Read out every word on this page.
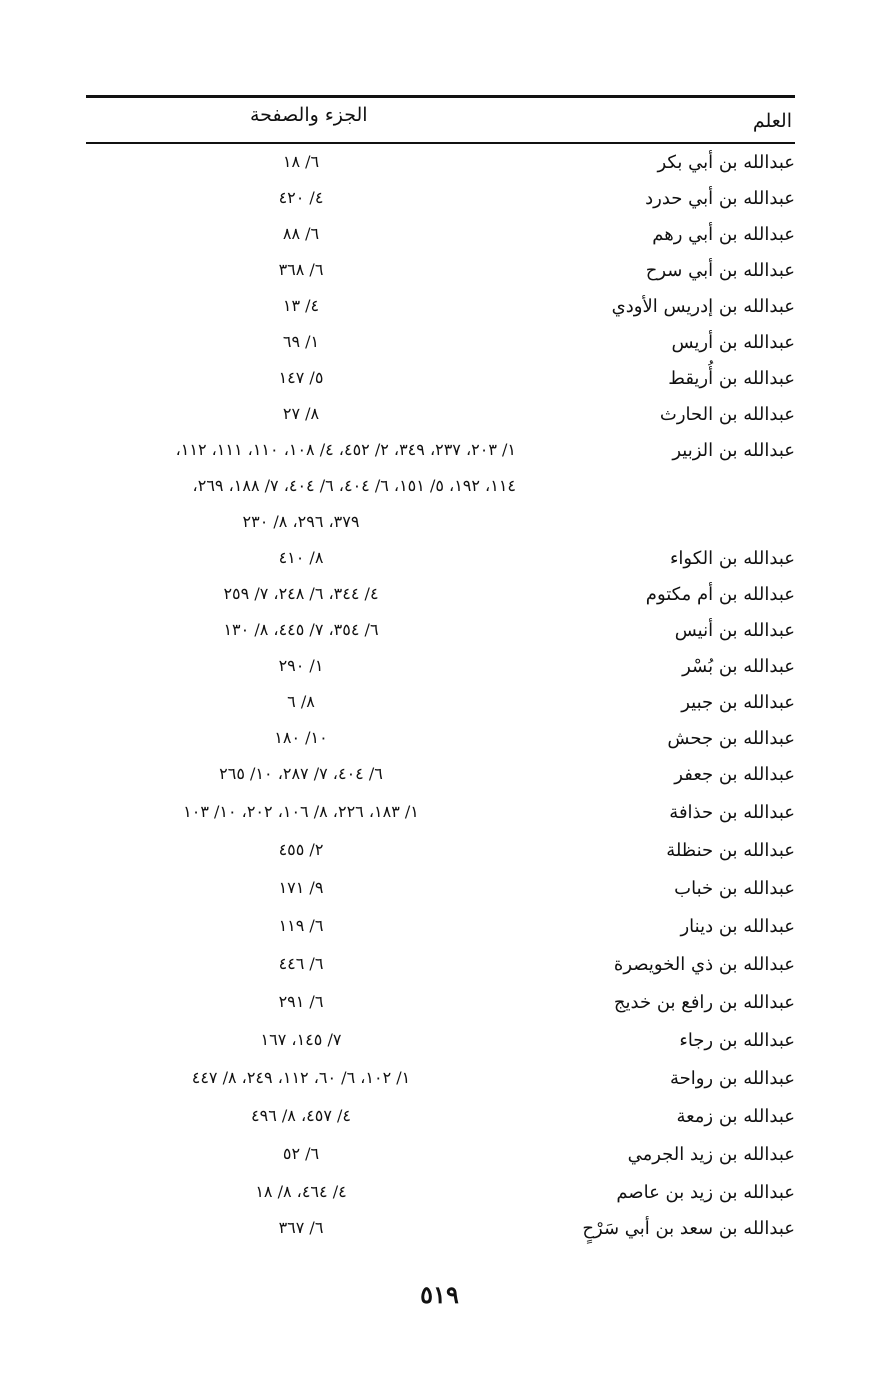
العلم
الجزء والصفحة
عبدالله بن أبي بكر
٦/ ١٨
عبدالله بن أبي حدرد
٤/ ٤٢٠
عبدالله بن أبي رهم
٦/ ٨٨
عبدالله بن أبي سرح
٦/ ٣٦٨
عبدالله بن إدريس الأودي
٤/ ١٣
عبدالله بن أريس
١/ ٦٩
عبدالله بن أُريقط
٥/ ١٤٧
عبدالله بن الحارث
٨/ ٢٧
عبدالله بن الزبير
١/ ٢٠٣، ٢٣٧، ٣٤٩، ٢/ ٤٥٢، ٤/ ١٠٨، ١١٠، ١١١، ١١٢،
١١٤، ١٩٢، ٥/ ١٥١، ٦/ ٤٠٤، ٦/ ٤٠٤، ٧/ ١٨٨، ٢٦٩،
٣٧٩، ٢٩٦، ٨/ ٢٣٠
عبدالله بن الكواء
٨/ ٤١٠
عبدالله بن أم مكتوم
٤/ ٣٤٤، ٦/ ٢٤٨، ٧/ ٢٥٩
عبدالله بن أنيس
٦/ ٣٥٤، ٧/ ٤٤٥، ٨/ ١٣٠
عبدالله بن بُسْر
١/ ٢٩٠
عبدالله بن جبير
٨/ ٦
عبدالله بن جحش
١٠/ ١٨٠
عبدالله بن جعفر
٦/ ٤٠٤، ٧/ ٢٨٧، ١٠/ ٢٦٥
عبدالله بن حذافة
١/ ١٨٣، ٢٢٦، ٨/ ١٠٦، ٢٠٢، ١٠/ ١٠٣
عبدالله بن حنظلة
٢/ ٤٥٥
عبدالله بن خباب
٩/ ١٧١
عبدالله بن دينار
٦/ ١١٩
عبدالله بن ذي الخويصرة
٦/ ٤٤٦
عبدالله بن رافع بن خديج
٦/ ٢٩١
عبدالله بن رجاء
٧/ ١٤٥، ١٦٧
عبدالله بن رواحة
١/ ١٠٢، ٦/ ٦٠، ١١٢، ٢٤٩، ٨/ ٤٤٧
عبدالله بن زمعة
٤/ ٤٥٧، ٨/ ٤٩٦
عبدالله بن زيد الجرمي
٦/ ٥٢
عبدالله بن زيد بن عاصم
٤/ ٤٦٤، ٨/ ١٨
عبدالله بن سعد بن أبي سَرْحٍ
٦/ ٣٦٧
٥١٩
